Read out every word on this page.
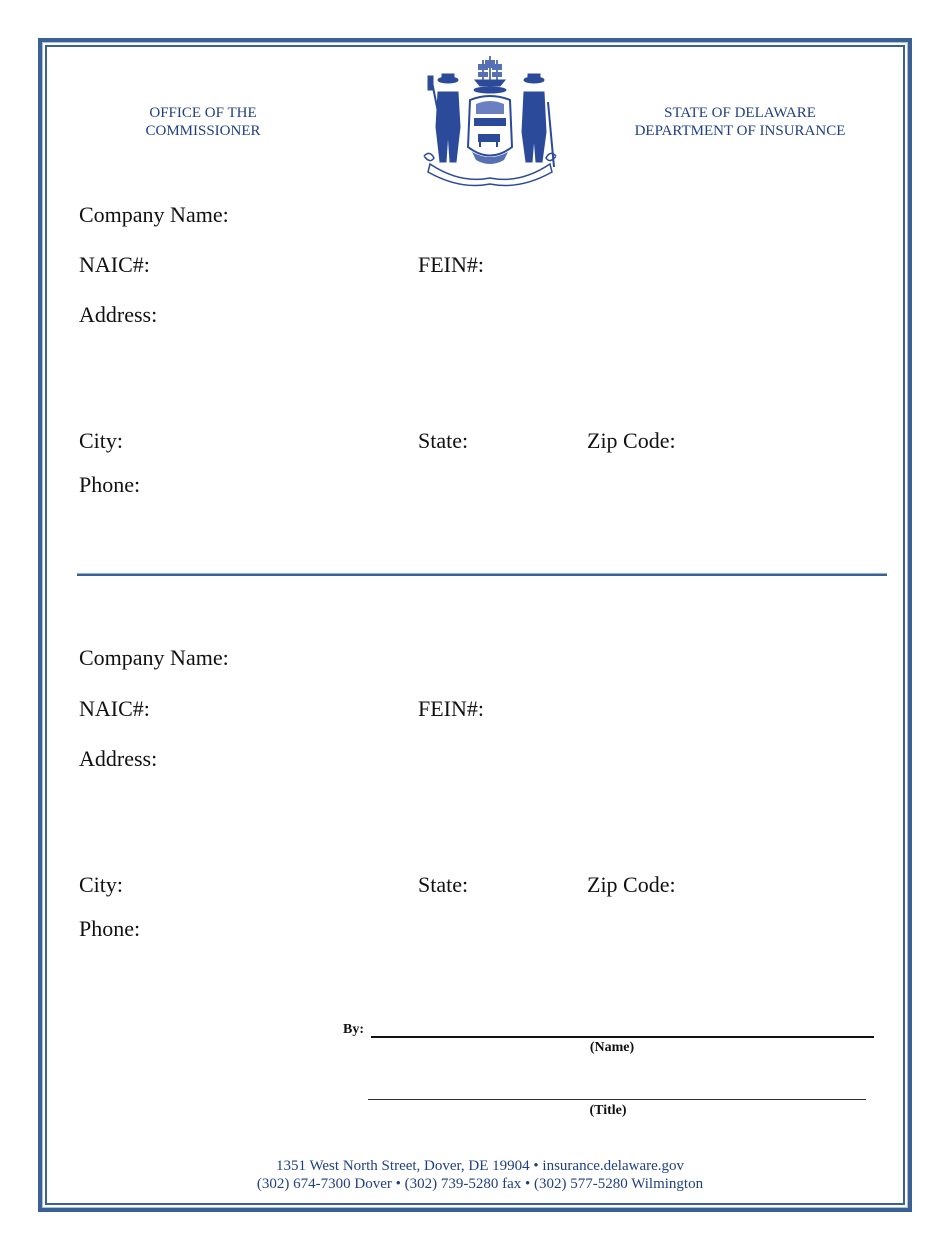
OFFICE OF THE
COMMISSIONER
STATE OF DELAWARE
DEPARTMENT OF INSURANCE
Company Name:
NAIC#:	FEIN#:
Address:
City:	State:	Zip Code:
Phone:
Company Name:
NAIC#:	FEIN#:
Address:
City:	State:	Zip Code:
Phone:
By:
(Name)
(Title)
1351 West North Street, Dover, DE 19904 • insurance.delaware.gov
(302) 674-7300 Dover • (302) 739-5280 fax • (302) 577-5280 Wilmington
